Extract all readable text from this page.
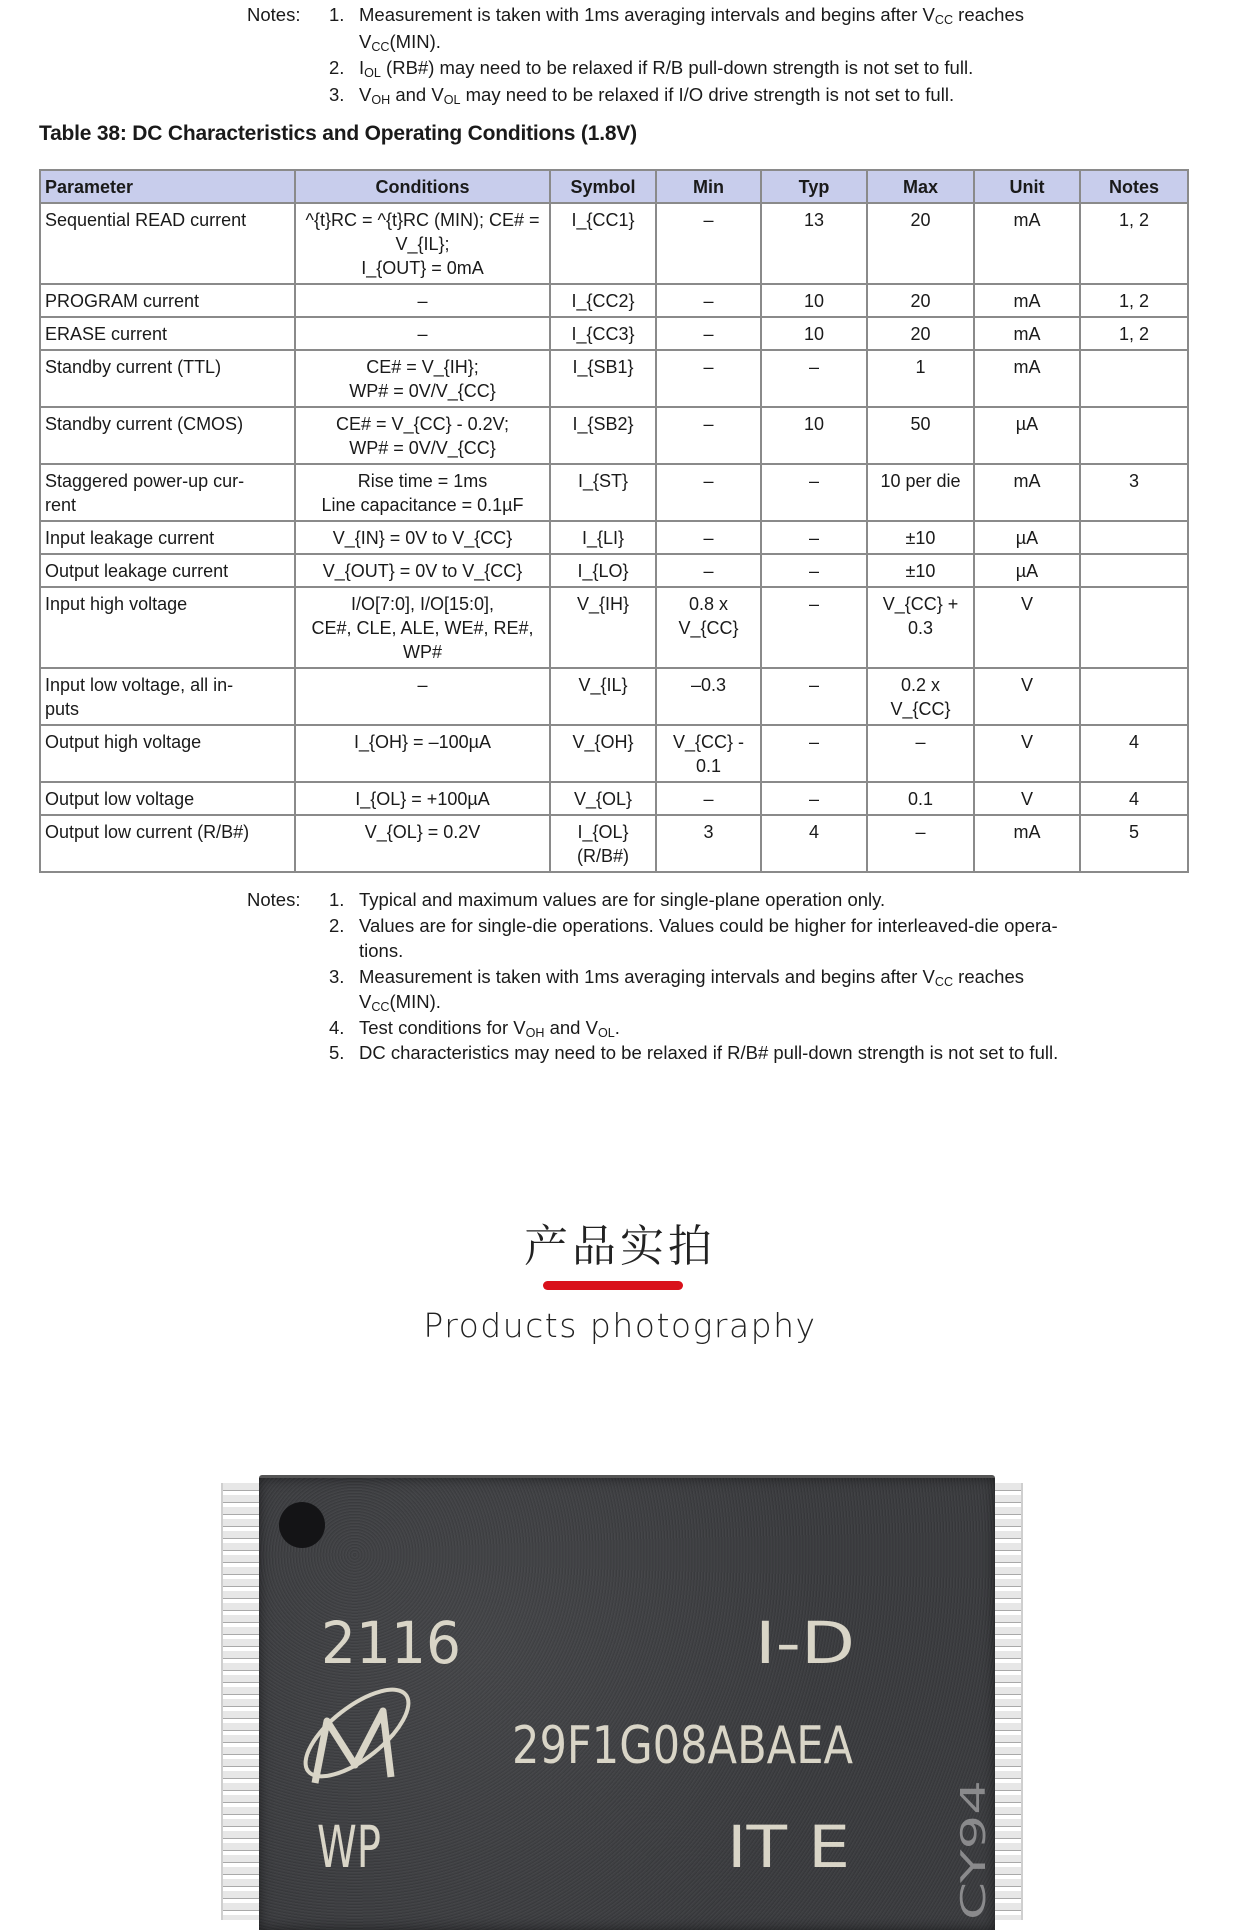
Notes: 1. Measurement is taken with 1ms averaging intervals and begins after VCC reaches
VCC(MIN).
2. IOL (RB#) may need to be relaxed if R/B pull-down strength is not set to full.
3. VOH and VOL may need to be relaxed if I/O drive strength is not set to full.
Table 38: DC Characteristics and Operating Conditions (1.8V)
Parameter	Conditions	Symbol	Min	Typ	Max	Unit	Notes

Sequential READ current	^{t}RC = ^{t}RC (MIN); CE# = V_{IL};
I_{OUT} = 0mA	I_{CC1}	–	13	20	mA	1, 2

PROGRAM current	–	I_{CC2}	–	10	20	mA	1, 2

ERASE current	–	I_{CC3}	–	10	20	mA	1, 2

Standby current (TTL)	CE# = V_{IH};
WP# = 0V/V_{CC}	I_{SB1}	–	–	1	mA	

Standby current (CMOS)	CE# = V_{CC} - 0.2V;
WP# = 0V/V_{CC}	I_{SB2}	–	10	50	µA	

Staggered power-up cur-
rent	Rise time = 1ms
Line capacitance = 0.1µF	I_{ST}	–	–	10 per die	mA	3

Input leakage current	V_{IN} = 0V to V_{CC}	I_{LI}	–	–	±10	µA	

Output leakage current	V_{OUT} = 0V to V_{CC}	I_{LO}	–	–	±10	µA	

Input high voltage	I/O[7:0], I/O[15:0],
CE#, CLE, ALE, WE#, RE#,
WP#	V_{IH}	0.8 x V_{CC}	–	V_{CC} + 0.3	V	

Input low voltage, all in-
puts	–	V_{IL}	–0.3	–	0.2 x V_{CC}	V	

Output high voltage	I_{OH} = –100µA	V_{OH}	V_{CC} - 0.1	–	–	V	4

Output low voltage	I_{OL} = +100µA	V_{OL}	–	–	0.1	V	4

Output low current (R/B#)	V_{OL} = 0.2V	I_{OL} (R/B#)	3	4	–	mA	5
Notes: 1. Typical and maximum values are for single-plane operation only.
2. Values are for single-die operations. Values could be higher for interleaved-die opera-
tions.
3. Measurement is taken with 1ms averaging intervals and begins after VCC reaches
VCC(MIN).
4. Test conditions for VOH and VOL.
5. DC characteristics may need to be relaxed if R/B# pull-down strength is not set to full.
产品实拍
Products photography
2116	I-D
29F1G08ABAEA
WP	IT E	CY94
